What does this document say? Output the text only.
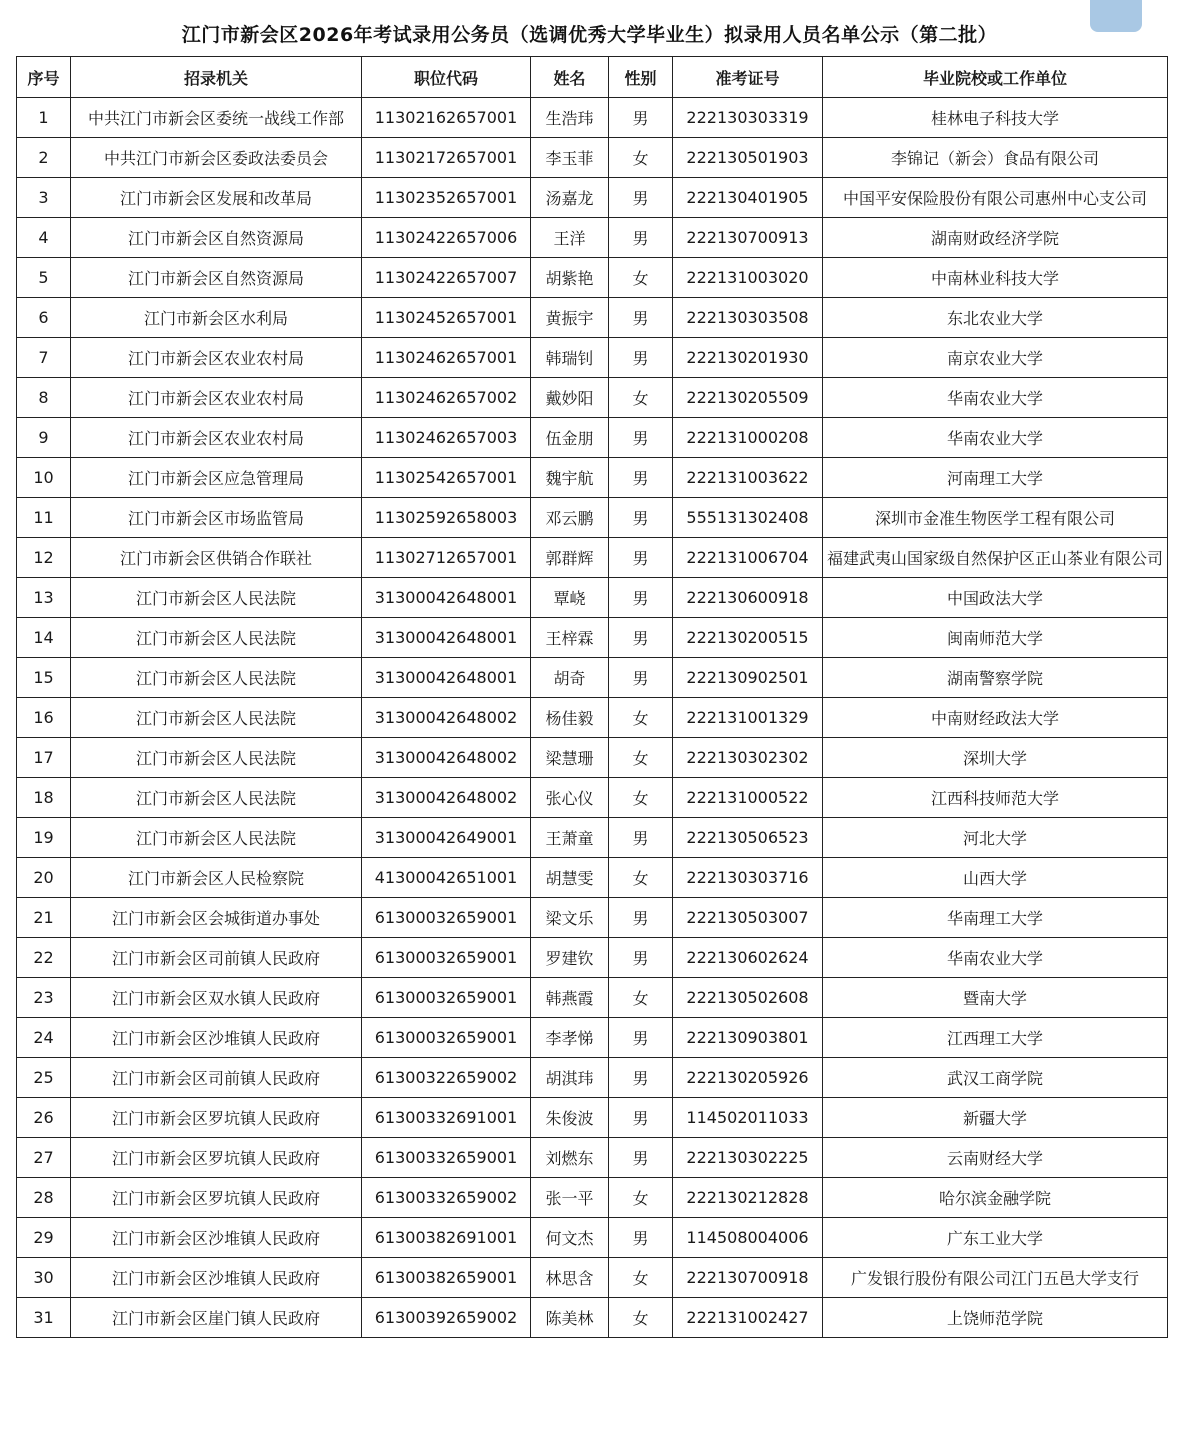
江门市新会区2026年考试录用公务员（选调优秀大学毕业生）拟录用人员名单公示（第二批）
序号	招录机关	职位代码	姓名	性别	准考证号	毕业院校或工作单位
1	中共江门市新会区委统一战线工作部	11302162657001	生浩玮	男	222130303319	桂林电子科技大学
2	中共江门市新会区委政法委员会	11302172657001	李玉菲	女	222130501903	李锦记（新会）食品有限公司
3	江门市新会区发展和改革局	11302352657001	汤嘉龙	男	222130401905	中国平安保险股份有限公司惠州中心支公司
4	江门市新会区自然资源局	11302422657006	王洋	男	222130700913	湖南财政经济学院
5	江门市新会区自然资源局	11302422657007	胡紫艳	女	222131003020	中南林业科技大学
6	江门市新会区水利局	11302452657001	黄振宇	男	222130303508	东北农业大学
7	江门市新会区农业农村局	11302462657001	韩瑞钊	男	222130201930	南京农业大学
8	江门市新会区农业农村局	11302462657002	戴妙阳	女	222130205509	华南农业大学
9	江门市新会区农业农村局	11302462657003	伍金朋	男	222131000208	华南农业大学
10	江门市新会区应急管理局	11302542657001	魏宇航	男	222131003622	河南理工大学
11	江门市新会区市场监管局	11302592658003	邓云鹏	男	555131302408	深圳市金准生物医学工程有限公司
12	江门市新会区供销合作联社	11302712657001	郭群辉	男	222131006704	福建武夷山国家级自然保护区正山茶业有限公司
13	江门市新会区人民法院	31300042648001	覃峣	男	222130600918	中国政法大学
14	江门市新会区人民法院	31300042648001	王梓霖	男	222130200515	闽南师范大学
15	江门市新会区人民法院	31300042648001	胡奇	男	222130902501	湖南警察学院
16	江门市新会区人民法院	31300042648002	杨佳毅	女	222131001329	中南财经政法大学
17	江门市新会区人民法院	31300042648002	梁慧珊	女	222130302302	深圳大学
18	江门市新会区人民法院	31300042648002	张心仪	女	222131000522	江西科技师范大学
19	江门市新会区人民法院	31300042649001	王萧童	男	222130506523	河北大学
20	江门市新会区人民检察院	41300042651001	胡慧雯	女	222130303716	山西大学
21	江门市新会区会城街道办事处	61300032659001	梁文乐	男	222130503007	华南理工大学
22	江门市新会区司前镇人民政府	61300032659001	罗建钦	男	222130602624	华南农业大学
23	江门市新会区双水镇人民政府	61300032659001	韩燕霞	女	222130502608	暨南大学
24	江门市新会区沙堆镇人民政府	61300032659001	李孝悌	男	222130903801	江西理工大学
25	江门市新会区司前镇人民政府	61300322659002	胡淇玮	男	222130205926	武汉工商学院
26	江门市新会区罗坑镇人民政府	61300332691001	朱俊波	男	114502011033	新疆大学
27	江门市新会区罗坑镇人民政府	61300332659001	刘燃东	男	222130302225	云南财经大学
28	江门市新会区罗坑镇人民政府	61300332659002	张一平	女	222130212828	哈尔滨金融学院
29	江门市新会区沙堆镇人民政府	61300382691001	何文杰	男	114508004006	广东工业大学
30	江门市新会区沙堆镇人民政府	61300382659001	林思含	女	222130700918	广发银行股份有限公司江门五邑大学支行
31	江门市新会区崖门镇人民政府	61300392659002	陈美林	女	222131002427	上饶师范学院
